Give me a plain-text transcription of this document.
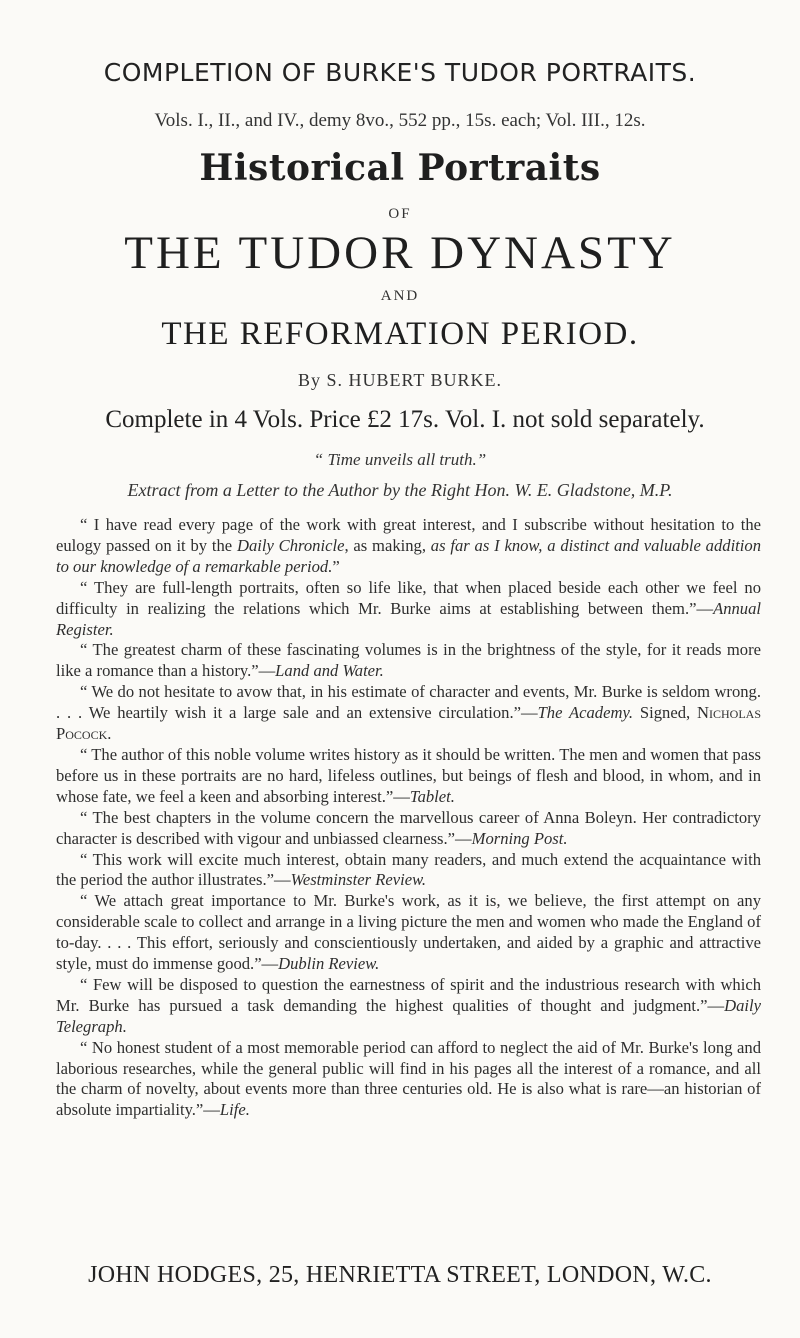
COMPLETION OF BURKE'S TUDOR PORTRAITS.
Vols. I., II., and IV., demy 8vo., 552 pp., 15s. each; Vol. III., 12s.
Historical Portraits
OF
THE TUDOR DYNASTY
AND
THE REFORMATION PERIOD.
By S. HUBERT BURKE.
Complete in 4 Vols. Price £2 17s. Vol. I. not sold separately.
“ Time unveils all truth.”
Extract from a Letter to the Author by the Right Hon. W. E. Gladstone, M.P.

“ I have read every page of the work with great interest, and I subscribe without hesitation to the eulogy passed on it by the Daily Chronicle, as making, as far as I know, a distinct and valuable addition to our knowledge of a remarkable period.”

“ They are full-length portraits, often so life like, that when placed beside each other we feel no difficulty in realizing the relations which Mr. Burke aims at establishing between them.”—Annual Register.

“ The greatest charm of these fascinating volumes is in the brightness of the style, for it reads more like a romance than a history.”—Land and Water.

“ We do not hesitate to avow that, in his estimate of character and events, Mr. Burke is seldom wrong. . . . We heartily wish it a large sale and an extensive circulation.”—The Academy. Signed, Nicholas Pocock.

“ The author of this noble volume writes history as it should be written. The men and women that pass before us in these portraits are no hard, lifeless outlines, but beings of flesh and blood, in whom, and in whose fate, we feel a keen and absorbing interest.”—Tablet.

“ The best chapters in the volume concern the marvellous career of Anna Boleyn. Her contradictory character is described with vigour and unbiassed clearness.”—Morning Post.

“ This work will excite much interest, obtain many readers, and much extend the acquaintance with the period the author illustrates.”—Westminster Review.

“ We attach great importance to Mr. Burke's work, as it is, we believe, the first attempt on any considerable scale to collect and arrange in a living picture the men and women who made the England of to-day. . . . This effort, seriously and conscientiously undertaken, and aided by a graphic and attractive style, must do immense good.”—Dublin Review.

“ Few will be disposed to question the earnestness of spirit and the industrious research with which Mr. Burke has pursued a task demanding the highest qualities of thought and judgment.”—Daily Telegraph.

“ No honest student of a most memorable period can afford to neglect the aid of Mr. Burke's long and laborious researches, while the general public will find in his pages all the interest of a romance, and all the charm of novelty, about events more than three centuries old. He is also what is rare—an historian of absolute impartiality.”—Life.

JOHN HODGES, 25, HENRIETTA STREET, LONDON, W.C.
